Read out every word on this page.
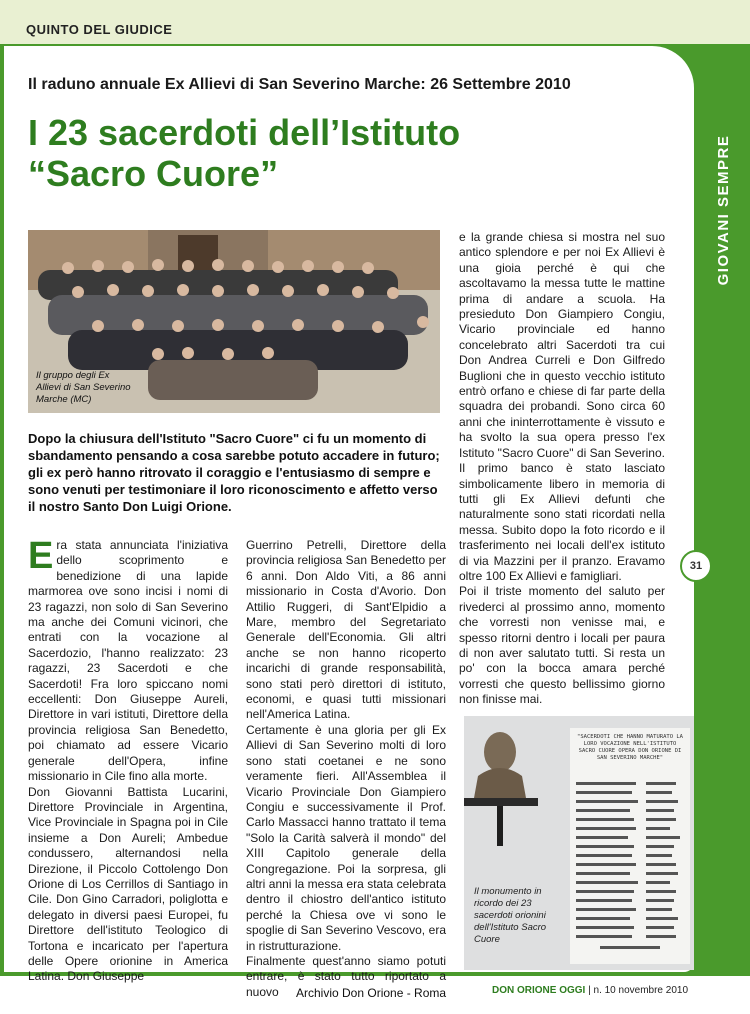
QUINTO DEL GIUDICE
GIOVANI SEMPRE
31
Il raduno annuale Ex Allievi di San Severino Marche: 26 Settembre 2010
I 23 sacerdoti dell’Istituto
“Sacro Cuore”
Il gruppo degli Ex Allievi di San Severino Marche (MC)

Dopo la chiusura dell'Istituto "Sacro Cuore" ci fu un momento di sbandamento pensando a cosa sarebbe potuto accadere in futuro; gli ex però hanno ritrovato il coraggio e l'entusiasmo di sempre e sono venuti per testimoniare il loro riconoscimento e affetto verso il nostro Santo Don Luigi Orione.

Era stata annunciata l'iniziativa dello scoprimento e benedizione di una lapide marmorea ove sono incisi i nomi di 23 ragazzi, non solo di San Severino ma anche dei Comuni vicinori, che entrati con la vocazione al Sacerdozio, l'hanno realizzato: 23 ragazzi, 23 Sacerdoti e che Sacerdoti! Fra loro spiccano nomi eccellenti: Don Giuseppe Aureli, Direttore in vari istituti, Direttore della provincia religiosa San Benedetto, poi chiamato ad essere Vicario generale dell'Opera, infine missionario in Cile fino alla morte.

Don Giovanni Battista Lucarini, Direttore Provinciale in Argentina, Vice Provinciale in Spagna poi in Cile insieme a Don Aureli; Ambedue condussero, alternandosi nella Direzione, il Piccolo Cottolengo Don Orione di Los Cerrillos di Santiago in Cile. Don Gino Carradori, poliglotta e delegato in diversi paesi Europei, fu Direttore dell'istituto Teologico di Tortona e incaricato per l'apertura delle Opere orionine in America Latina. Don Giuseppe

Guerrino Petrelli, Direttore della provincia religiosa San Benedetto per 6 anni. Don Aldo Viti, a 86 anni missionario in Costa d'Avorio. Don Attilio Ruggeri, di Sant'Elpidio a Mare, membro del Segretariato Generale dell'Economia. Gli altri anche se non hanno ricoperto incarichi di grande responsabilità, sono stati però direttori di istituto, economi, e quasi tutti missionari nell'America Latina.

Certamente è una gloria per gli Ex Allievi di San Severino molti di loro sono stati coetanei e ne sono veramente fieri. All'Assemblea il Vicario Provinciale Don Giampiero Congiu e successivamente il Prof. Carlo Massacci hanno trattato il tema "Solo la Carità salverà il mondo" del XIII Capitolo generale della Congregazione. Poi la sorpresa, gli altri anni la messa era stata celebrata dentro il chiostro dell'antico istituto perché la Chiesa ove vi sono le spoglie di San Severino Vescovo, era in ristrutturazione.

Finalmente quest'anno siamo potuti entrare, è stato tutto riportato a nuovo

e la grande chiesa si mostra nel suo antico splendore e per noi Ex Allievi è una gioia perché è qui che ascoltavamo la messa tutte le mattine prima di andare a scuola. Ha presieduto Don Giampiero Congiu, Vicario provinciale ed hanno concelebrato altri Sacerdoti tra cui Don Andrea Curreli e Don Gilfredo Buglioni che in questo vecchio istituto entrò orfano e chiese di far parte della squadra dei probandi. Sono circa 60 anni che ininterrottamente è vissuto e ha svolto la sua opera presso l'ex Istituto "Sacro Cuore" di San Severino.

Il primo banco è stato lasciato simbolicamente libero in memoria di tutti gli Ex Allievi defunti che naturalmente sono stati ricordati nella messa. Subito dopo la foto ricordo e il trasferimento nei locali dell'ex istituto di via Mazzini per il pranzo. Eravamo oltre 100 Ex Allievi e famigliari.

Poi il triste momento del saluto per rivederci al prossimo anno, momento che vorresti non venisse mai, e spesso ritorni dentro i locali per paura di non aver salutato tutti. Si resta un po' con la bocca amara perché vorresti che questo bellissimo giorno non finisse mai.

"SACERDOTI CHE HANNO MATURATO LA LORO VOCAZIONE NELL'ISTITUTO SACRO CUORE OPERA DON ORIONE DI SAN SEVERINO MARCHE"
Il monumento in ricordo dei 23 sacerdoti orionini dell'Istituto Sacro Cuore
Archivio Don Orione - Roma	DON ORIONE OGGI | n. 10 novembre 2010
